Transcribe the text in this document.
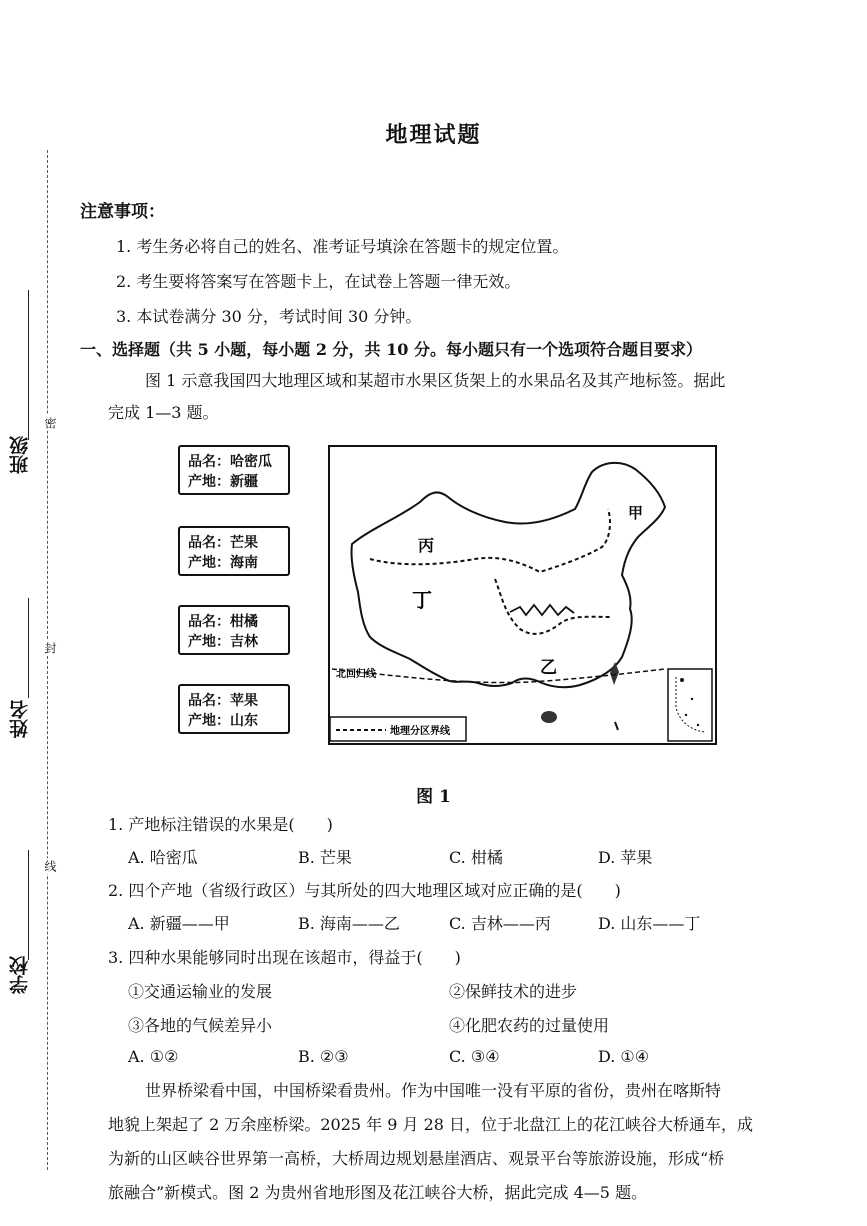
班级
姓名
学校
密
封
线
地理试题
注意事项：
1. 考生务必将自己的姓名、准考证号填涂在答题卡的规定位置。
2. 考生要将答案写在答题卡上，在试卷上答题一律无效。
3. 本试卷满分 30 分，考试时间 30 分钟。
一、选择题（共 5 小题，每小题 2 分，共 10 分。每小题只有一个选项符合题目要求）
图 1 示意我国四大地理区域和某超市水果区货架上的水果品名及其产地标签。据此
完成 1—3 题。
品名：哈密瓜
产地：新疆
品名：芒果
产地：海南
品名：柑橘
产地：吉林
品名：苹果
产地：山东
甲
乙
丙
丁
北回归线
地理分区界线
图 1
1. 产地标注错误的水果是(　　)
A. 哈密瓜	B. 芒果	C. 柑橘	D. 苹果
2. 四个产地（省级行政区）与其所处的四大地理区域对应正确的是(　　)
A. 新疆——甲	B. 海南——乙	C. 吉林——丙	D. 山东——丁
3. 四种水果能够同时出现在该超市，得益于(　　)
①交通运输业的发展	②保鲜技术的进步
③各地的气候差异小	④化肥农药的过量使用
A. ①②	B. ②③	C. ③④	D. ①④
世界桥梁看中国，中国桥梁看贵州。作为中国唯一没有平原的省份，贵州在喀斯特
地貌上架起了 2 万余座桥梁。2025 年 9 月 28 日，位于北盘江上的花江峡谷大桥通车，成
为新的山区峡谷世界第一高桥，大桥周边规划悬崖酒店、观景平台等旅游设施，形成“桥
旅融合”新模式。图 2 为贵州省地形图及花江峡谷大桥，据此完成 4—5 题。
